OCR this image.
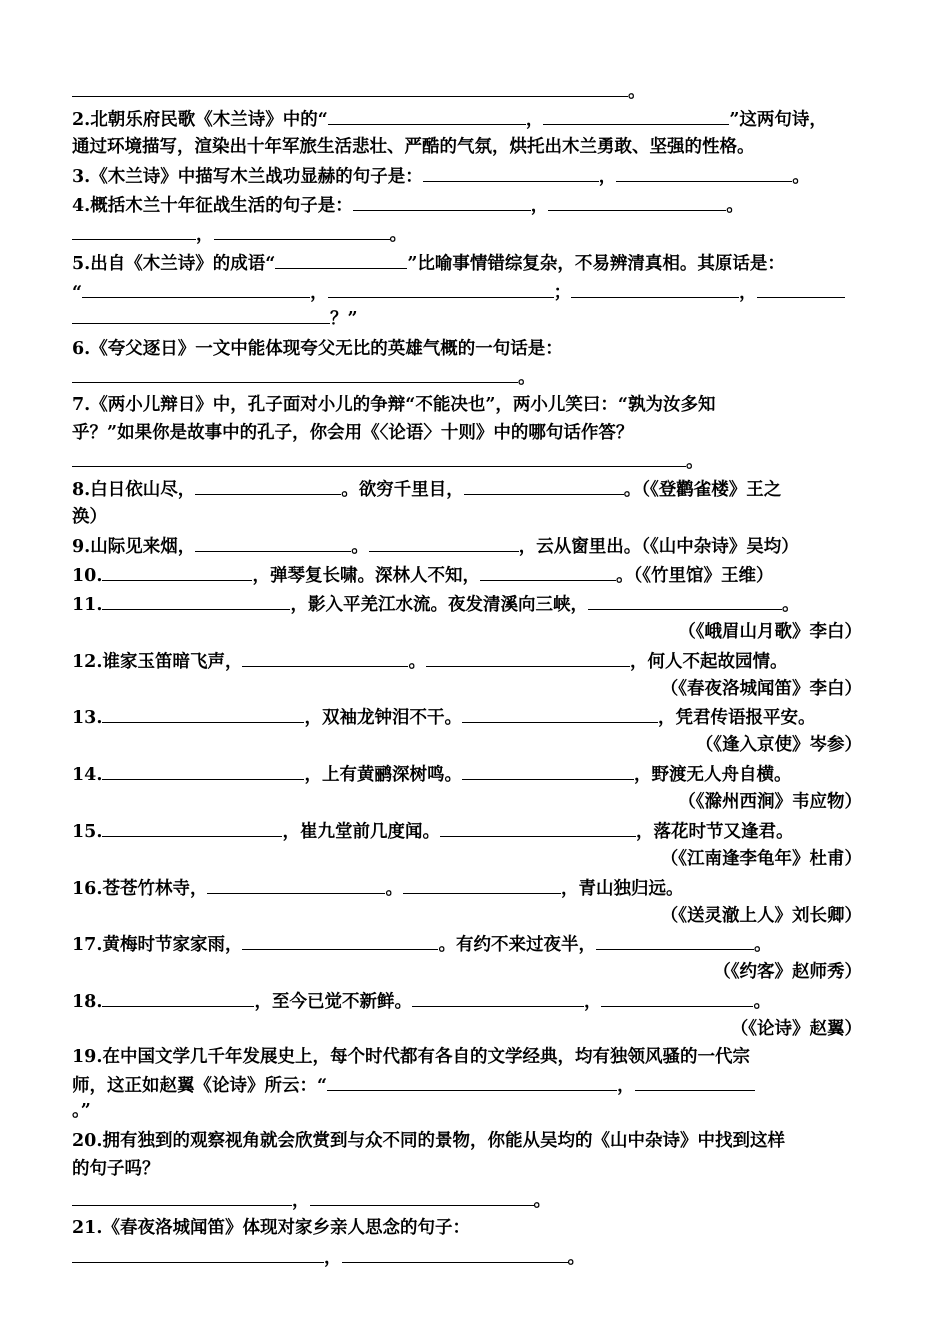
。
2.北朝乐府民歌《木兰诗》中的“	，	”这两句诗，
通过环境描写，渲染出十年军旅生活悲壮、严酷的气氛，烘托出木兰勇敢、坚强的性格。
3.《木兰诗》中描写木兰战功显赫的句子是：	，	。
4.概括木兰十年征战生活的句子是：	，	。
，	。
5.出自《木兰诗》的成语“	”比喻事情错综复杂，不易辨清真相。其原话是：
“	，	；	，
？”
6.《夸父逐日》一文中能体现夸父无比的英雄气概的一句话是：
。
7.《两小儿辩日》中，孔子面对小儿的争辩“不能决也”，两小儿笑曰：“孰为汝多知
乎？”如果你是故事中的孔子，你会用《〈论语〉十则》中的哪句话作答？
。
8.白日依山尽，	。欲穷千里目，	。（《登鹳雀楼》王之
涣）
9.山际见来烟，	。	，云从窗里出。（《山中杂诗》吴均）
10.	，弹琴复长啸。深林人不知，	。（《竹里馆》王维）
11.	，影入平羌江水流。夜发清溪向三峡，	。
（《峨眉山月歌》李白）
12.谁家玉笛暗飞声，	。	，何人不起故园情。
（《春夜洛城闻笛》李白）
13.	，双袖龙钟泪不干。	，凭君传语报平安。
（《逢入京使》岑参）
14.	，上有黄鹂深树鸣。	，野渡无人舟自横。
（《滁州西涧》韦应物）
15.	，崔九堂前几度闻。	，落花时节又逢君。
（《江南逢李龟年》杜甫）
16.苍苍竹林寺，	。	，青山独归远。
（《送灵澈上人》刘长卿）
17.黄梅时节家家雨，	。有约不来过夜半，	。
（《约客》赵师秀）
18.	，至今已觉不新鲜。	，	。
（《论诗》赵翼）
19.在中国文学几千年发展史上，每个时代都有各自的文学经典，均有独领风骚的一代宗
师，这正如赵翼《论诗》所云：“	，
。”
20.拥有独到的观察视角就会欣赏到与众不同的景物，你能从吴均的《山中杂诗》中找到这样
的句子吗？
，	。
21.《春夜洛城闻笛》体现对家乡亲人思念的句子：
，	。
